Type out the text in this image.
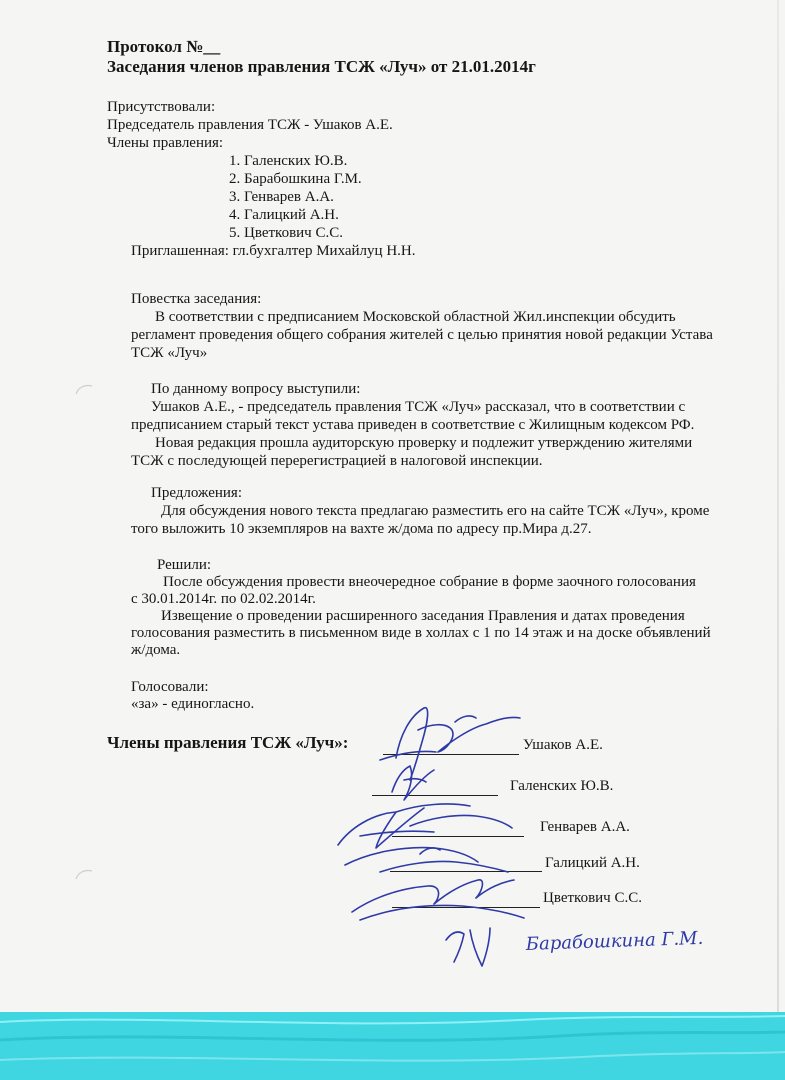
Протокол №__
Заседания членов правления ТСЖ «Луч» от 21.01.2014г
Присутствовали:
Председатель правления ТСЖ - Ушаков А.Е.
Члены правления:
1. Галенских Ю.В.
2. Барабошкина Г.М.
3. Генварев А.А.
4. Галицкий А.Н.
5. Цветкович С.С.
Приглашенная: гл.бухгалтер Михайлуц Н.Н.
Повестка заседания:
В соответствии с предписанием Московской областной Жил.инспекции обсудить
регламент проведения общего собрания жителей с целью принятия новой редакции Устава
ТСЖ «Луч»
По данному вопросу выступили:
Ушаков А.Е., - председатель правления ТСЖ «Луч» рассказал, что в соответствии с
предписанием старый текст устава приведен в соответствие с Жилищным кодексом РФ.
Новая редакция прошла аудиторскую проверку и подлежит утверждению жителями
ТСЖ с последующей перерегистрацией в налоговой инспекции.
Предложения:
Для обсуждения нового текста предлагаю разместить его на сайте ТСЖ «Луч», кроме
того выложить 10 экземпляров на вахте ж/дома по адресу пр.Мира д.27.
Решили:
После обсуждения провести внеочередное собрание в форме заочного голосования
с 30.01.2014г. по 02.02.2014г.
Извещение о проведении расширенного заседания Правления и датах проведения
голосования разместить в письменном виде в холлах с 1 по 14 этаж и на доске объявлений
ж/дома.
Голосовали:
«за» - единогласно.
Члены правления ТСЖ «Луч»:	Ушаков А.Е.
Галенских Ю.В.
Генварев А.А.
Галицкий А.Н.
Цветкович С.С.
Барабошкина Г.М.
